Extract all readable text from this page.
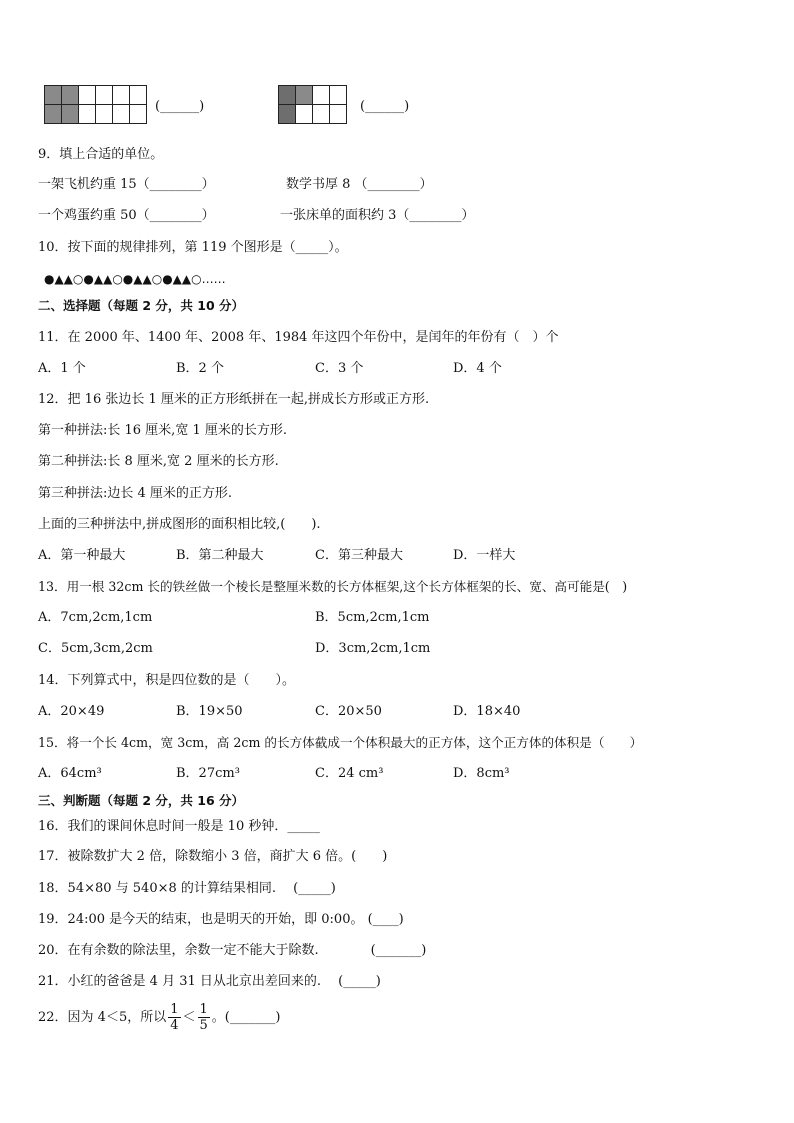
(______)

				(______)
9．填上合适的单位。
一架飞机约重 15（________）	数学书厚 8 （________）
一个鸡蛋约重 50（________）	一张床单的面积约 3（________）
10．按下面的规律排列，第 119 个图形是（_____）。
●▲▲○●▲▲○●▲▲○●▲▲○……
二、选择题（每题 2 分，共 10 分）
11．在 2000 年、1400 年、2008 年、1984 年这四个年份中，是闰年的年份有（　）个
A．1 个	B．2 个	C．3 个	D．4 个
12．把 16 张边长 1 厘米的正方形纸拼在一起,拼成长方形或正方形.
第一种拼法:长 16 厘米,宽 1 厘米的长方形.
第二种拼法:长 8 厘米,宽 2 厘米的长方形.
第三种拼法:边长 4 厘米的正方形.
上面的三种拼法中,拼成图形的面积相比较,(　　).
A．第一种最大	B．第二种最大	C．第三种最大	D．一样大
13．用一根 32cm 长的铁丝做一个棱长是整厘米数的长方体框架,这个长方体框架的长、宽、高可能是(　)
A．7cm,2cm,1cm	B．5cm,2cm,1cm
C．5cm,3cm,2cm	D．3cm,2cm,1cm
14．下列算式中，积是四位数的是（　　）。
A．20×49	B．19×50	C．20×50	D．18×40
15．将一个长 4cm，宽 3cm，高 2cm 的长方体截成一个体积最大的正方体，这个正方体的体积是（　　）
A．64cm³	B．27cm³	C．24 cm³	D．8cm³
三、判断题（每题 2 分，共 16 分）
16．我们的课间休息时间一般是 10 秒钟．_____
17．被除数扩大 2 倍，除数缩小 3 倍，商扩大 6 倍。(　　)
18．54×80 与 540×8 的计算结果相同.　 (_____)
19．24:00 是今天的结束，也是明天的开始，即 0:00。 (____)
20．在有余数的除法里，余数一定不能大于除数.　　　　(_______)
21．小红的爸爸是 4 月 31 日从北京出差回来的.　 (_____)
22．因为 4＜5，所以 $\frac{1}{4} < \frac{1}{5}$ 。(_______)
